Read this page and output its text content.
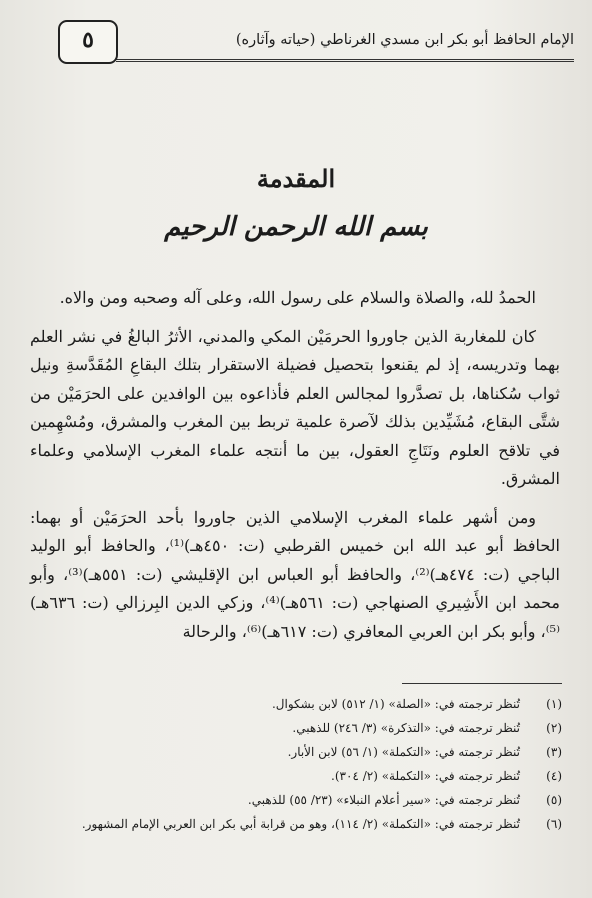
الإمام الحافظ أبو بكر ابن مسدي الغرناطي (حياته وآثاره)
٥
المقدمة
بسم الله الرحمن الرحيم

الحمدُ لله، والصلاة والسلام على رسول الله، وعلى آله وصحبه ومن والاه.

كان للمغاربة الذين جاوروا الحرمَيْن المكي والمدني، الأثرُ البالغُ في نشر العلم بهما وتدريسه، إذ لم يقنعوا بتحصيل فضيلة الاستقرار بتلك البقاعِ المُقَدَّسةِ ونيل ثواب سُكناها، بل تصدَّروا لمجالس العلم فأذاعوه بين الوافدين على الحرَمَيْن من شتَّى البقاع، مُشَيِّدين بذلك لآصرة علمية تربط بين المغرب والمشرق، ومُسْهِمين في تلاقح العلوم ونَتَاجِ العقول، بين ما أنتجه علماء المغرب الإسلامي وعلماء المشرق.

ومن أشهر علماء المغرب الإسلامي الذين جاوروا بأحد الحرَمَيْن أو بهما: الحافظ أبو عبد الله ابن خميس القرطبي (ت: ٤٥٠هـ)⁽¹⁾، والحافظ أبو الوليد الباجي (ت: ٤٧٤هـ)⁽²⁾، والحافظ أبو العباس ابن الإقليشي (ت: ٥٥١هـ)⁽³⁾، وأبو محمد ابن الأَشِيري الصنهاجي (ت: ٥٦١هـ)⁽⁴⁾، وزكي الدين البِرزالي (ت: ٦٣٦هـ)⁽⁵⁾، وأبو بكر ابن العربي المعافري (ت: ٦١٧هـ)⁽⁶⁾، والرحالة

(١)
تُنظر ترجمته في: «الصلة» (١/ ٥١٢) لابن بشكوال.
(٢)
تُنظر ترجمته في: «التذكرة» (٣/ ٢٤٦) للذهبي.
(٣)
تُنظر ترجمته في: «التكملة» (١/ ٥٦) لابن الأبار.
(٤)
تُنظر ترجمته في: «التكملة» (٢/ ٣٠٤).
(٥)
تُنظر ترجمته في: «سير أعلام النبلاء» (٢٣/ ٥٥) للذهبي.
(٦)
تُنظر ترجمته في: «التكملة» (٢/ ١١٤)، وهو من قرابة أبي بكر ابن العربي الإمام المشهور.
